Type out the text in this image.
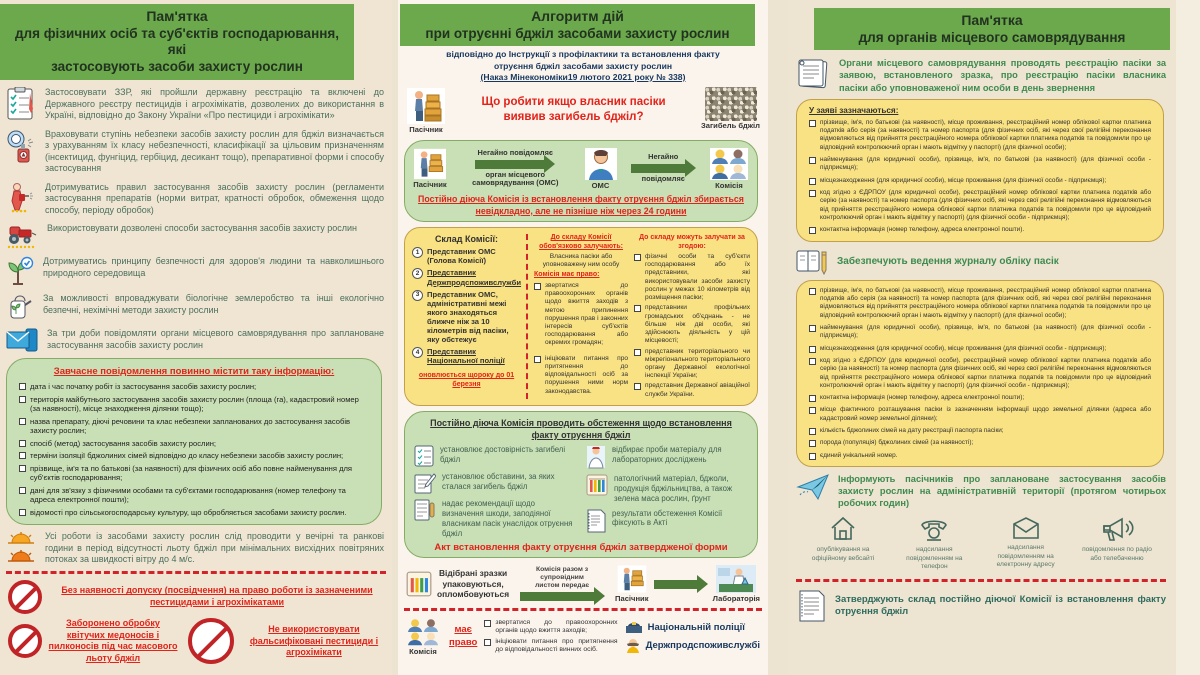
Пам'ятка
для фізичних осіб та суб'єктів господарювання, які
застосовують засоби захисту рослин

Застосовувати ЗЗР, які пройшли державну реєстрацію та включені до Державного реєстру пестицидів і агрохімікатів, дозволених до використання в Україні, відповідно до Закону України «Про пестициди і агрохімікати»

Враховувати ступінь небезпеки засобів захисту рослин для бджіл визначається з урахуванням їх класу небезпечності, класифікації за цільовим призначенням (інсектицид, фунгіцид, гербіцид, десикант тощо), препаративної форми і способу застосування

Дотримуватись правил застосування засобів захисту рослин (регламенти застосування препаратів (норми витрат, кратності обробок, обмеження щодо способу, періоду обробок)

Використовувати дозволені способи застосування засобів захисту рослин

Дотримуватись принципу безпечності для здоров'я людини та навколишнього природного середовища

За можливості впроваджувати біологічне землеробство та інші екологічно безпечні, нехімічні методи захисту рослин

За три доби повідомляти органи місцевого самоврядування про заплановане застосування засобів захисту рослин

Завчасне повідомлення повинно містити таку інформацію:
дата і час початку робіт із застосування засобів захисту рослин;
територія майбутнього застосування засобів захисту рослин (площа (га), кадастровий номер (за наявності), місце знаходження ділянки тощо);
назва препарату, діючі речовини та клас небезпеки запланованих до застосування засобів захисту рослин;
спосіб (метод) застосування засобів захисту рослин;
терміни ізоляції бджолиних сімей відповідно до класу небезпеки засобів захисту рослин;
прізвище, ім'я та по батькові (за наявності) для фізичних осіб або повне найменування для суб'єктів господарювання;
дані для зв'язку з фізичними особами та суб'єктами господарювання (номер телефону та адреса електронної пошти);
відомості про сільськогосподарську культуру, що обробляється засобами захисту рослин.

Усі роботи із засобами захисту рослин слід проводити у вечірні та ранкові години в період відсутності льоту бджіл при мінімальних висхідних повітряних потоках за швидкості вітру до 4 м/с.

Без наявності допуску (посвідчення) на право роботи із зазначеними пестицидами і агрохімікатами

Заборонено обробку квітучих медоносів і пилконосів під час масового льоту бджіл

Не використовувати фальсифіковані пестициди і агрохімікати

Алгоритм дій
при отруєнні бджіл засобами захисту рослин
відповідно до Інструкції з профілактики та встановлення факту
отруєння бджіл засобами захисту рослин
(Наказ Мінекономіки19 лютого 2021 року № 338)
Пасічник
Що робити якщо власник пасіки
виявив загибель бджіл?
Загибель бджіл
Пасічник
Негайно повідомляє
орган місцевого самоврядування (ОМС)	ОМС
Негайно
повідомляє
Комісія
Постійно діюча Комісія із встановлення факту отруєння бджіл збирається невідкладно, але не пізніше ніж через 24 години
Склад Комісії:
1	Представник ОМС (Голова Комісії)
2	Представник Держпродспоживслужби
3	Представник ОМС, адміністративні межі якого знаходяться ближче ніж за 10 кілометрів від пасіки, яку обстежує
4	Представник Національної поліції
оновлюється щороку до 01 березня
До складу Комісії обов'язково залучають:
Власника пасіки або уповноважену ним особу
Комісія має право:
звертатися до правоохоронних органів щодо вжиття заходів з метою припинення порушення прав і законних інтересів суб'єктів господарювання або окремих громадян;
ініціювати питання про притягнення до відповідальності осіб за порушення ними норм законодавства.
До складу можуть залучати за згодою:
фізичні особи та суб'єкти господарювання або їх представники, які використовували засоби захисту рослин у межах 10 кілометрів від розміщення пасіки;
представники профільних громадських об'єднань - не більше ніж дві особи, які здійснюють діяльність у цій місцевості;
представник територіального чи міжрегіонального територіального органу Державної екологічної інспекції України;
представник Державної авіаційної служби України.
Постійно діюча Комісія проводить обстеження щодо встановлення
факту отруєння бджіл

установлює достовірність загибелі бджіл

установлює обставини, за яких сталася загибель бджіл

надає рекомендації щодо визначення шкоди, заподіяної власникам пасік унаслідок отруєння бджіл

відбирає проби матеріалу для лабораторних досліджень

патологічний матеріал, бджоли, продукція бджільництва, а також зелена маса рослин, ґрунт

результати обстеження Комісії фіксують в Акті

Акт встановлення факту отруєння бджіл затвердженої форми
Відібрані зразки
упаковуються,
опломбовуються
Комісія разом з супровідним
листом передає
Пасічник	Лабораторія
Комісія
має
право
звертатися до правоохоронних органів щодо вжиття заходів;
ініціювати питання про притягнення до відповідальності винних осіб.
Національній поліції
Держпродспоживслужбі
Пам'ятка
для органів місцевого самоврядування

Органи місцевого самоврядування проводять реєстрацію пасіки за заявою, встановленого зразка, про реєстрацію пасіки власника пасіки або уповноваженої ним особи в день звернення

У заяві зазначаються:
прізвище, ім'я, по батькові (за наявності), місце проживання, реєстраційний номер облікової картки платника податків або серія (за наявності) та номер паспорта (для фізичних осіб, які через свої релігійні переконання відмовляються від прийняття реєстраційного номера облікової картки платника податків та повідомили про це відповідний контролюючий орган і мають відмітку у паспорті) (для фізичної особи);
найменування (для юридичної особи), прізвище, ім'я, по батькові (за наявності) (для фізичної особи - підприємця);
місцезнаходження (для юридичної особи), місце проживання (для фізичної особи - підприємця);
код згідно з ЄДРПОУ (для юридичної особи), реєстраційний номер облікової картки платника податків або серію (за наявності) та номер паспорта (для фізичних осіб, які через свої релігійні переконання відмовляються від прийняття реєстраційного номера облікової картки платника податків та повідомили про це відповідний контролюючий орган і мають відмітку у паспорті) (для фізичної особи - підприємця);
контактна інформація (номер телефону, адреса електронної пошти).

Забезпечують ведення журналу обліку пасік

прізвище, ім'я, по батькові (за наявності), місце проживання, реєстраційний номер облікової картки платника податків або серія (за наявності) та номер паспорта (для фізичних осіб, які через свої релігійні переконання відмовляються від прийняття реєстраційного номера облікової картки платника податків та повідомили про це відповідний контролюючий орган і мають відмітку у паспорті) (для фізичної особи);
найменування (для юридичної особи), прізвище, ім'я, по батькові (за наявності) (для фізичної особи - підприємця);
місцезнаходження (для юридичної особи), місце проживання (для фізичної особи - підприємця);
код згідно з ЄДРПОУ (для юридичної особи), реєстраційний номер облікової картки платника податків або серію (за наявності) та номер паспорта (для фізичних осіб, які через свої релігійні переконання відмовляються від прийняття реєстраційного номера облікової картки платника податків та повідомили про це відповідний контролюючий орган і мають відмітку у паспорті) (для фізичної особи - підприємця);
контактна інформація (номер телефону, адреса електронної пошти);
місце фактичного розташування пасіки із зазначенням інформації щодо земельної ділянки (адреса або кадастровий номер земельної ділянки);
кількість бджолиних сімей на дату реєстрації паспорта пасіки;
порода (популяція) бджолиних сімей (за наявності);
єдиний унікальний номер.

Інформують пасічників про заплановане застосування засобів захисту рослин на адміністративній території (протягом чотирьох робочих годин)

опублікування на офіційному вебсайті
надсилання повідомленням на телефон
надсилання повідомленням на електронну адресу
повідомлення по радіо або телебаченню

Затверджують склад постійно діючої Комісії із встановлення факту отруєння бджіл
